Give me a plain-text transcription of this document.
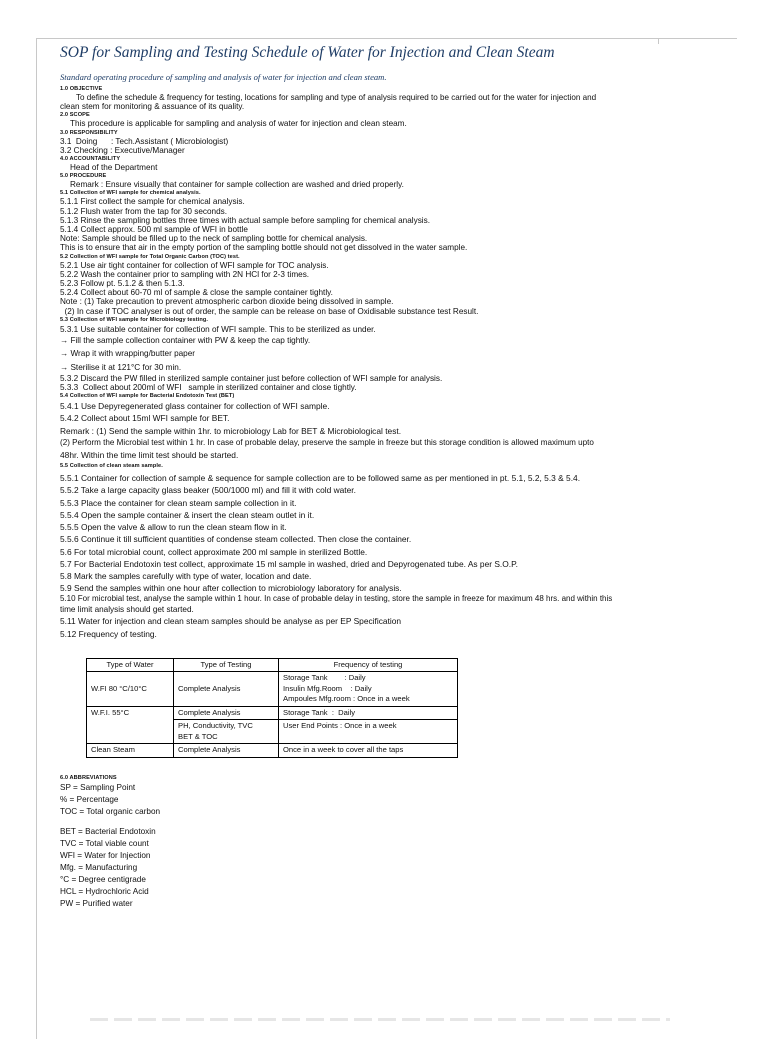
SOP for Sampling and Testing Schedule of Water for Injection and Clean Steam
Standard operating procedure of sampling and analysis of water for injection and clean steam.

1.0 OBJECTIVE

To define the schedule & frequency for testing, locations for sampling and type of analysis required to be carried out for the water for injection and

clean stem for monitoring & assuance of its quality.

2.0 SCOPE

This procedure is applicable for sampling and analysis of water for injection and clean steam.

3.0 RESPONSIBILITY

3.1  Doing      : Tech.Assistant ( Microbiologist)

3.2 Checking : Executive/Manager

4.0 ACCOUNTABILITY

Head of the Department

5.0 PROCEDURE

Remark : Ensure visually that container for sample collection are washed and dried properly.

5.1 Collection of WFI sample for chemical analysis.

5.1.1 First collect the sample for chemical analysis.

5.1.2 Flush water from the tap for 30 seconds.

5.1.3 Rinse the sampling bottles three times with actual sample before sampling for chemical analysis.

5.1.4 Collect approx. 500 ml sample of WFI in bottle

Note: Sample should be filled up to the neck of sampling bottle for chemical analysis.

This is to ensure that air in the empty portion of the sampling bottle should not get dissolved in the water sample.

5.2 Collection of WFI sample for Total Organic Carbon (TOC) test.

5.2.1 Use air tight container for collection of WFI sample for TOC analysis.

5.2.2 Wash the container prior to sampling with 2N HCl for 2-3 times.

5.2.3 Follow pt. 5.1.2 & then 5.1.3.

5.2.4 Collect about 60-70 ml of sample & close the sample container tightly.

Note : (1) Take precaution to prevent atmospheric carbon dioxide being dissolved in sample.

(2) In case if TOC analyser is out of order, the sample can be release on base of Oxidisable substance test Result.

5.3 Collection of WFI sample for Microbiology testing.

5.3.1 Use suitable container for collection of WFI sample. This to be sterilized as under.

→ Fill the sample collection container with PW & keep the cap tightly.

→ Wrap it with wrapping/butter paper

→ Sterilise it at 121°C for 30 min.

5.3.2 Discard the PW filled in sterilized sample container just before collection of WFI sample for analysis.

5.3.3  Collect about 200ml of WFI   sample in sterilized container and close tightly.

5.4 Collection of WFI sample for Bacterial Endotoxin Test (BET)

5.4.1 Use Depyregenerated glass container for collection of WFI sample.

5.4.2 Collect about 15ml WFI sample for BET.

Remark : (1) Send the sample within 1hr. to microbiology Lab for BET & Microbiological test.

(2) Perform the Microbial test within 1 hr. In case of probable delay, preserve the sample in freeze but this storage condition is allowed maximum upto

48hr. Within the time limit test should be started.

5.5 Collection of clean steam sample.

5.5.1 Container for collection of sample & sequence for sample collection are to be followed same as per mentioned in pt. 5.1, 5.2, 5.3 & 5.4.

5.5.2 Take a large capacity glass beaker (500/1000 ml) and fill it with cold water.

5.5.3 Place the container for clean steam sample collection in it.

5.5.4 Open the sample container & insert the clean steam outlet in it.

5.5.5 Open the valve & allow to run the clean steam flow in it.

5.5.6 Continue it till sufficient quantities of condense steam collected. Then close the container.

5.6 For total microbial count, collect approximate 200 ml sample in sterilized Bottle.

5.7 For Bacterial Endotoxin test collect, approximate 15 ml sample in washed, dried and Depyrogenated tube. As per S.O.P.

5.8 Mark the samples carefully with type of water, location and date.

5.9 Send the samples within one hour after collection to microbiology laboratory for analysis.

5.10 For microbial test, analyse the sample within 1 hour. In case of probable delay in testing, store the sample in freeze for maximum 48 hrs. and within this

time limit analysis should get started.

5.11 Water for injection and clean steam samples should be analyse as per EP Specification

5.12 Frequency of testing.

Type of Water	Type of Testing	Frequency of testing
W.FI 80 °C/10°C	Complete Analysis	Storage Tank        : Daily
Insulin Mfg.Room    : Daily
Ampoules Mfg.room : Once in a week

W.F.I. 55°C	Complete Analysis	Storage Tank  :  Daily

	PH, Conductivity, TVC
BET & TOC	User End Points : Once in a week
Clean Steam	Complete Analysis	Once in a week to cover all the taps

6.0 ABBREVIATIONS

SP = Sampling Point

% = Percentage

TOC = Total organic carbon

BET = Bacterial Endotoxin

TVC = Total viable count

WFI = Water for Injection

Mfg. = Manufacturing

°C = Degree centigrade

HCL = Hydrochloric Acid

PW = Purified water
